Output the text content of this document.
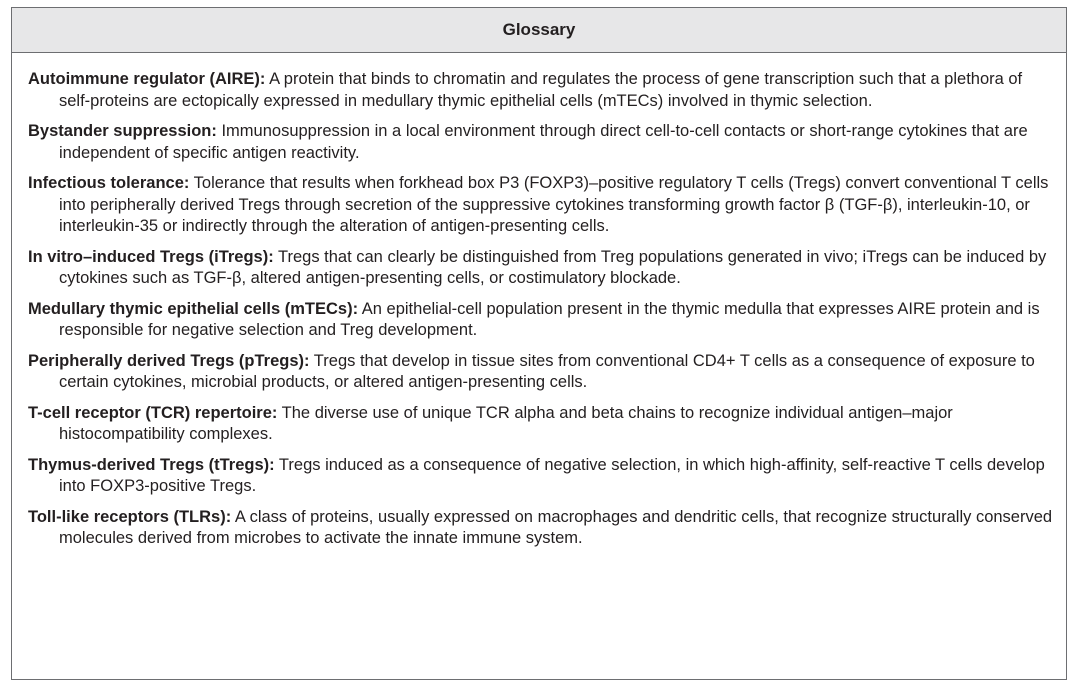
Glossary

Autoimmune regulator (AIRE): A protein that binds to chromatin and regulates the process of gene transcription such that a plethora of self-proteins are ectopically expressed in medullary thymic epithelial cells (mTECs) involved in thymic selection.

Bystander suppression: Immunosuppression in a local environment through direct cell-to-cell contacts or short-range cytokines that are independent of specific antigen reactivity.

Infectious tolerance: Tolerance that results when forkhead box P3 (FOXP3)–positive regulatory T cells (Tregs) convert conventional T cells into peripherally derived Tregs through secretion of the suppressive cytokines transforming growth factor β (TGF-β), interleukin-10, or interleukin-35 or indirectly through the alteration of antigen-presenting cells.

In vitro–induced Tregs (iTregs): Tregs that can clearly be distinguished from Treg populations generated in vivo; iTregs can be induced by cytokines such as TGF-β, altered antigen-presenting cells, or costimulatory blockade.

Medullary thymic epithelial cells (mTECs): An epithelial-cell population present in the thymic medulla that expresses AIRE protein and is responsible for negative selection and Treg development.

Peripherally derived Tregs (pTregs): Tregs that develop in tissue sites from conventional CD4+ T cells as a consequence of exposure to certain cytokines, microbial products, or altered antigen-presenting cells.

T-cell receptor (TCR) repertoire: The diverse use of unique TCR alpha and beta chains to recognize individual antigen–major histocompatibility complexes.

Thymus-derived Tregs (tTregs): Tregs induced as a consequence of negative selection, in which high-affinity, self-reactive T cells develop into FOXP3-positive Tregs.

Toll-like receptors (TLRs): A class of proteins, usually expressed on macrophages and dendritic cells, that recognize structurally conserved molecules derived from microbes to activate the innate immune system.
